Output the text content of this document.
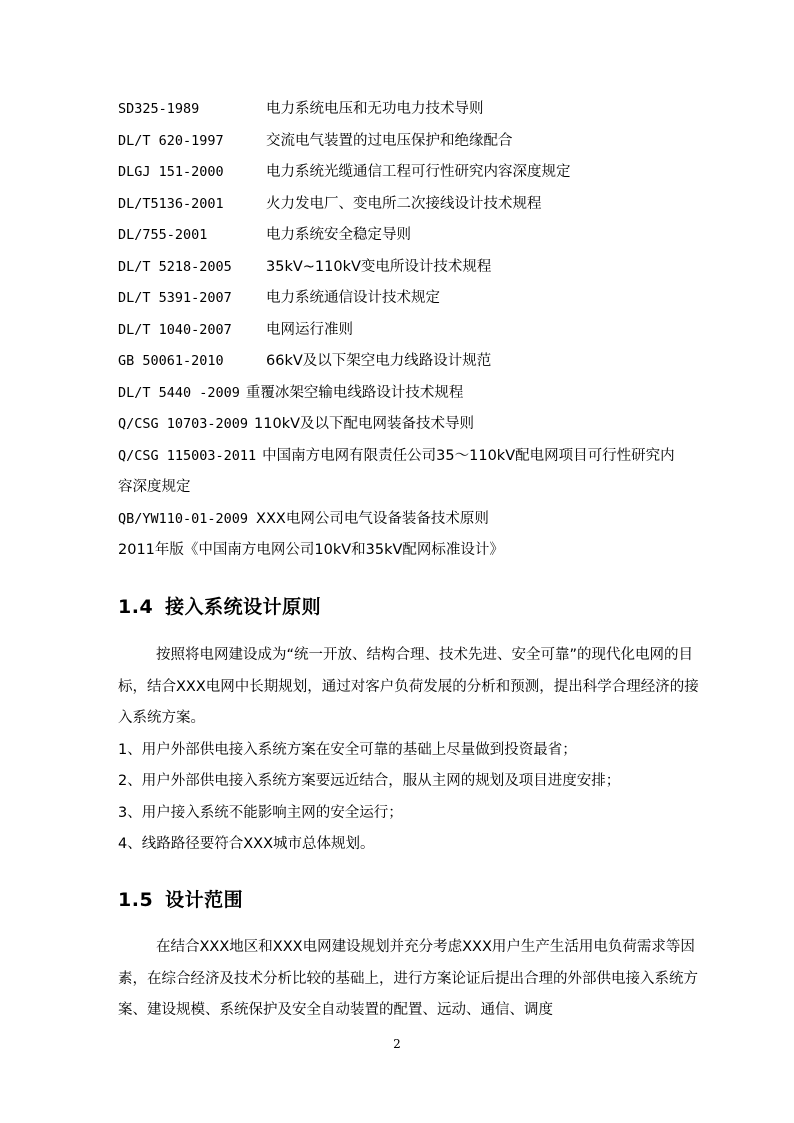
SD325-1989	电力系统电压和无功电力技术导则
DL/T 620-1997	交流电气装置的过电压保护和绝缘配合
DLGJ 151-2000	电力系统光缆通信工程可行性研究内容深度规定
DL/T5136-2001	火力发电厂、变电所二次接线设计技术规程
DL/755-2001	电力系统安全稳定导则
DL/T 5218-2005 35kV~110kV变电所设计技术规程
DL/T 5391-2007 电力系统通信设计技术规定
DL/T 1040-2007 电网运行准则
GB 50061-2010	66kV及以下架空电力线路设计规范
DL/T 5440 -2009 重覆冰架空输电线路设计技术规程
Q/CSG 10703-2009 110kV及以下配电网装备技术导则
Q/CSG 115003-2011 中国南方电网有限责任公司35～110kV配电网项目可行性研究内
容深度规定
QB/YW110-01-2009 XXX电网公司电气设备装备技术原则
2011年版《中国南方电网公司10kV和35kV配网标准设计》
1.4 接入系统设计原则
按照将电网建设成为“统一开放、结构合理、技术先进、安全可靠”的现代化电网的目标，结合XXX电网中长期规划，通过对客户负荷发展的分析和预测，提出科学合理经济的接入系统方案。
1、用户外部供电接入系统方案在安全可靠的基础上尽量做到投资最省；
2、用户外部供电接入系统方案要远近结合，服从主网的规划及项目进度安排；
3、用户接入系统不能影响主网的安全运行；
4、线路路径要符合XXX城市总体规划。
1.5 设计范围
在结合XXX地区和XXX电网建设规划并充分考虑XXX用户生产生活用电负荷需求等因素，在综合经济及技术分析比较的基础上，进行方案论证后提出合理的外部供电接入系统方案、建设规模、系统保护及安全自动装置的配置、远动、通信、调度
2
